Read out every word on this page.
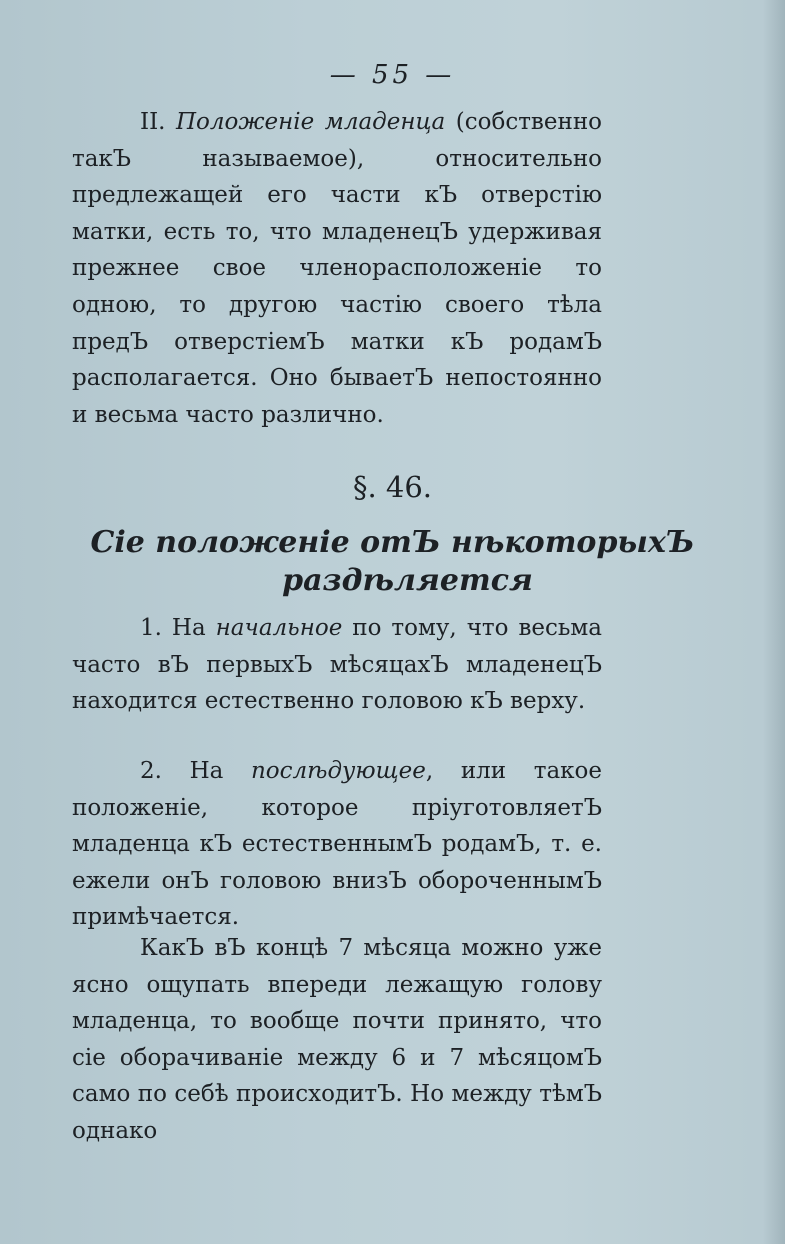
— 55 —

II. Положеніе младенца (собственно такЪ называемое), относительно предлежащей его части кЪ отверстію матки, есть то, что младенецЪ удерживая прежнее свое членорасположеніе то одною, то другою частію своего тѣла предЪ отверстіемЪ матки кЪ родамЪ располагается. Оно бываетЪ непостоянно и весьма часто различно.

§. 46.
Сіе положеніе отЪ нѣкоторыхЪ
раздѣляется

1. На начальное по тому, что весьма часто вЪ первыхЪ мѣсяцахЪ младенецЪ находится естественно головою кЪ верху.

2. На послѣдующее, или такое положеніе, которое пріуготовляетЪ младенца кЪ естественнымЪ родамЪ, т. е. ежели онЪ головою внизЪ обороченнымЪ примѣчается.

КакЪ вЪ концѣ 7 мѣсяца можно уже ясно ощупать впереди лежащую голову младенца, то вообще почти принято, что сіе оборачиваніе между 6 и 7 мѣсяцомЪ само по себѣ происходитЪ. Но между тѣмЪ однако
